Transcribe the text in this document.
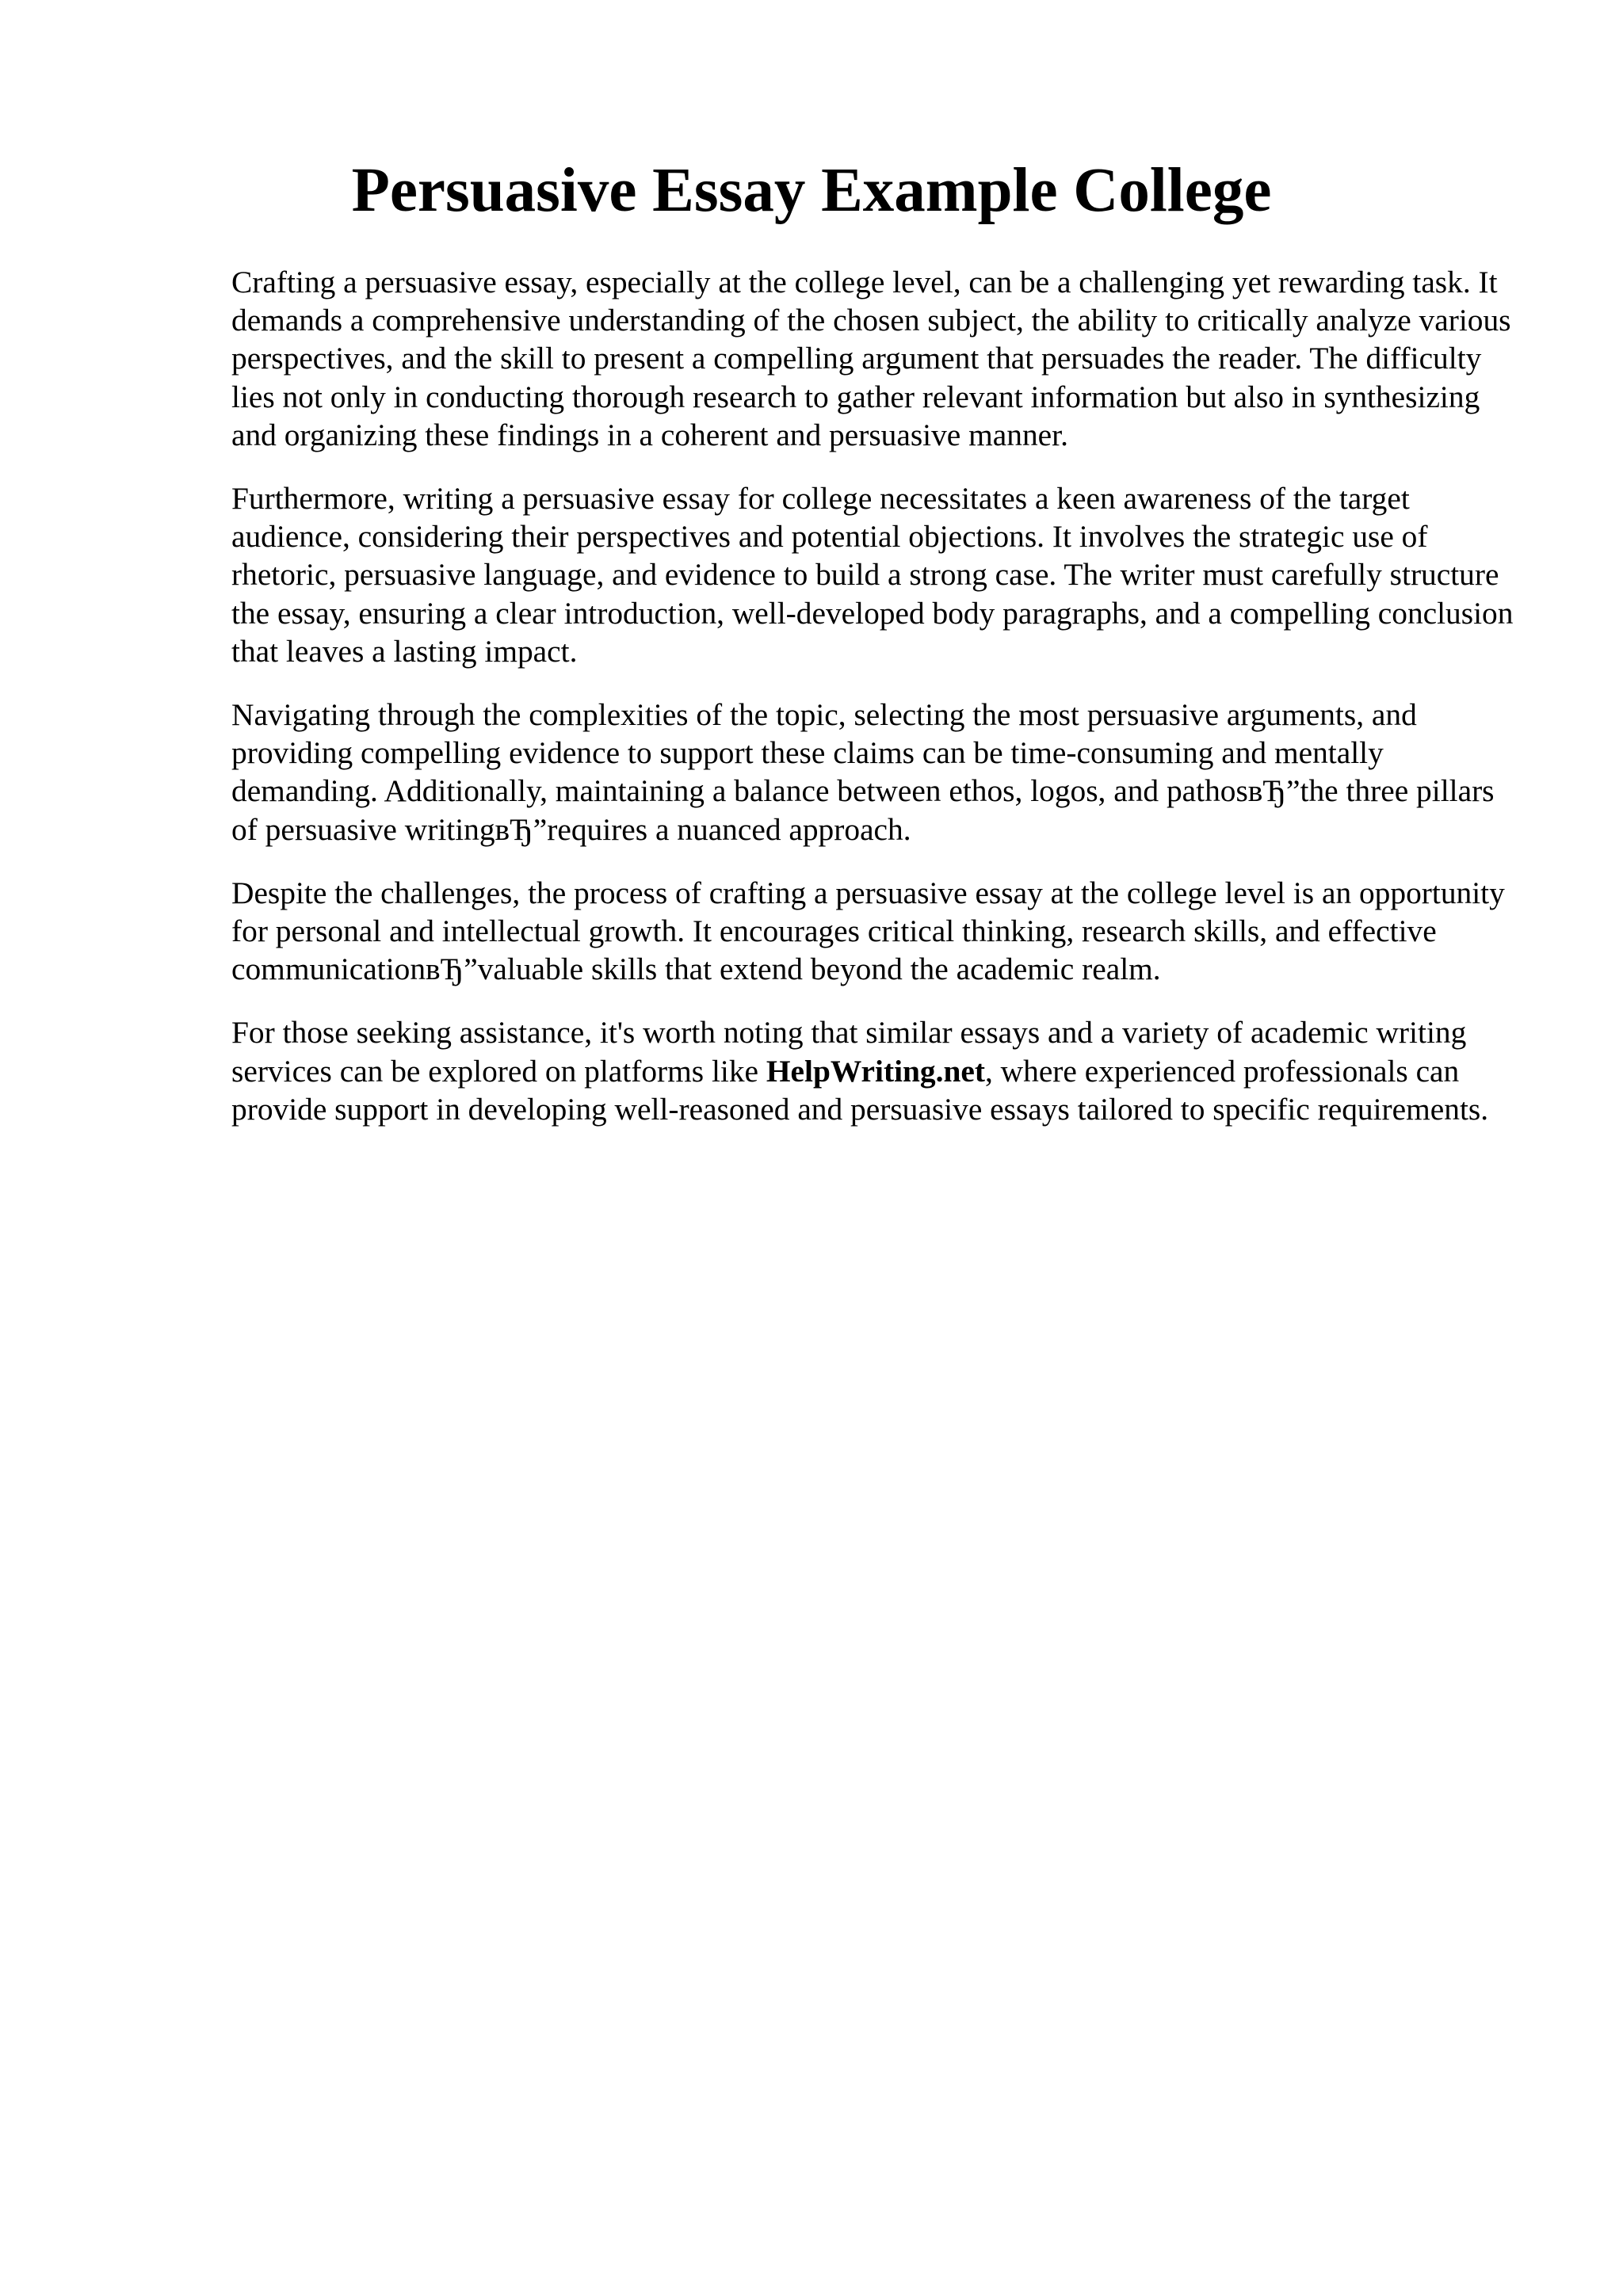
Persuasive Essay Example College

Crafting a persuasive essay, especially at the college level, can be a challenging yet rewarding task. It demands a comprehensive understanding of the chosen subject, the ability to critically analyze various perspectives, and the skill to present a compelling argument that persuades the reader. The difficulty lies not only in conducting thorough research to gather relevant information but also in synthesizing and organizing these findings in a coherent and persuasive manner.

Furthermore, writing a persuasive essay for college necessitates a keen awareness of the target audience, considering their perspectives and potential objections. It involves the strategic use of rhetoric, persuasive language, and evidence to build a strong case. The writer must carefully structure the essay, ensuring a clear introduction, well-developed body paragraphs, and a compelling conclusion that leaves a lasting impact.

Navigating through the complexities of the topic, selecting the most persuasive arguments, and providing compelling evidence to support these claims can be time-consuming and mentally demanding. Additionally, maintaining a balance between ethos, logos, and pathosвЂ”the three pillars of persuasive writingвЂ”requires a nuanced approach.

Despite the challenges, the process of crafting a persuasive essay at the college level is an opportunity for personal and intellectual growth. It encourages critical thinking, research skills, and effective communicationвЂ”valuable skills that extend beyond the academic realm.

For those seeking assistance, it's worth noting that similar essays and a variety of academic writing services can be explored on platforms like HelpWriting.net, where experienced professionals can provide support in developing well-reasoned and persuasive essays tailored to specific requirements.
